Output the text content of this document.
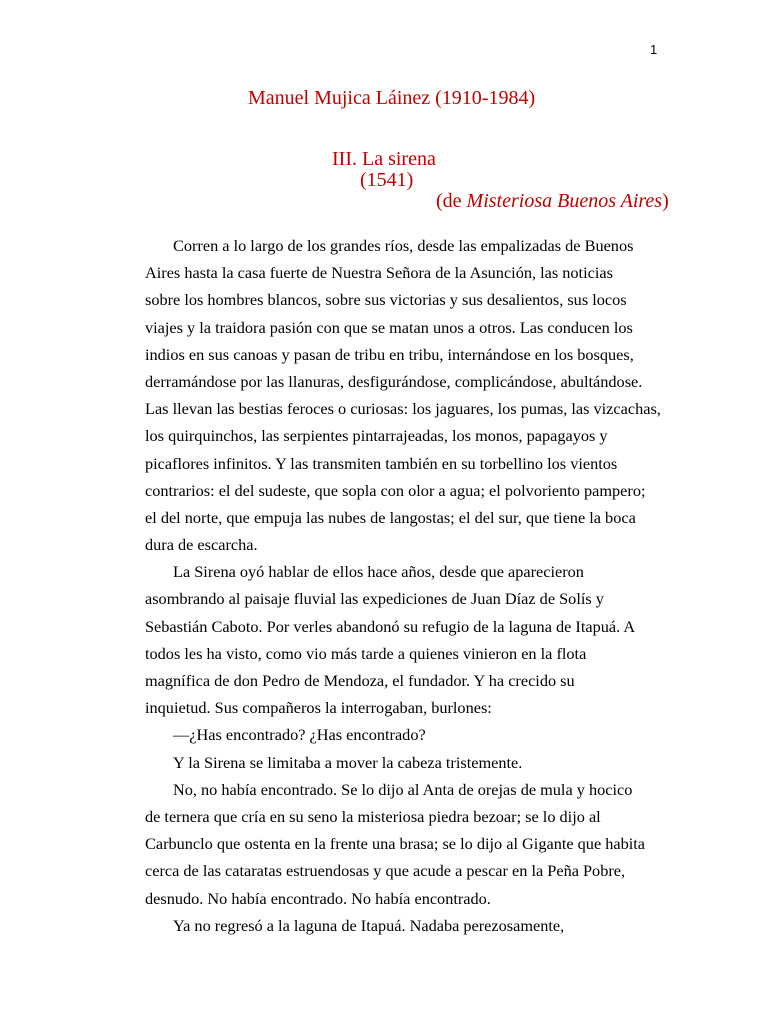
1
Manuel Mujica Láinez (1910-1984)
III. La sirena
(1541)
(de Misteriosa Buenos Aires)
Corren a lo largo de los grandes ríos, desde las empalizadas de Buenos
Aires hasta la casa fuerte de Nuestra Señora de la Asunción, las noticias
sobre los hombres blancos, sobre sus victorias y sus desalientos, sus locos
viajes y la traidora pasión con que se matan unos a otros. Las conducen los
indios en sus canoas y pasan de tribu en tribu, internándose en los bosques,
derramándose por las llanuras, desfigurándose, complicándose, abultándose.
Las llevan las bestias feroces o curiosas: los jaguares, los pumas, las vizcachas,
los quirquinchos, las serpientes pintarrajeadas, los monos, papagayos y
picaflores infinitos. Y las transmiten también en su torbellino los vientos
contrarios: el del sudeste, que sopla con olor a agua; el polvoriento pampero;
el del norte, que empuja las nubes de langostas; el del sur, que tiene la boca
dura de escarcha.
La Sirena oyó hablar de ellos hace años, desde que aparecieron
asombrando al paisaje fluvial las expediciones de Juan Díaz de Solís y
Sebastián Caboto. Por verles abandonó su refugio de la laguna de Itapuá. A
todos les ha visto, como vio más tarde a quienes vinieron en la flota
magnífica de don Pedro de Mendoza, el fundador. Y ha crecido su
inquietud. Sus compañeros la interrogaban, burlones:
—¿Has encontrado? ¿Has encontrado?
Y la Sirena se limitaba a mover la cabeza tristemente.
No, no había encontrado. Se lo dijo al Anta de orejas de mula y hocico
de ternera que cría en su seno la misteriosa piedra bezoar; se lo dijo al
Carbunclo que ostenta en la frente una brasa; se lo dijo al Gigante que habita
cerca de las cataratas estruendosas y que acude a pescar en la Peña Pobre,
desnudo. No había encontrado. No había encontrado.
Ya no regresó a la laguna de Itapuá. Nadaba perezosamente,
